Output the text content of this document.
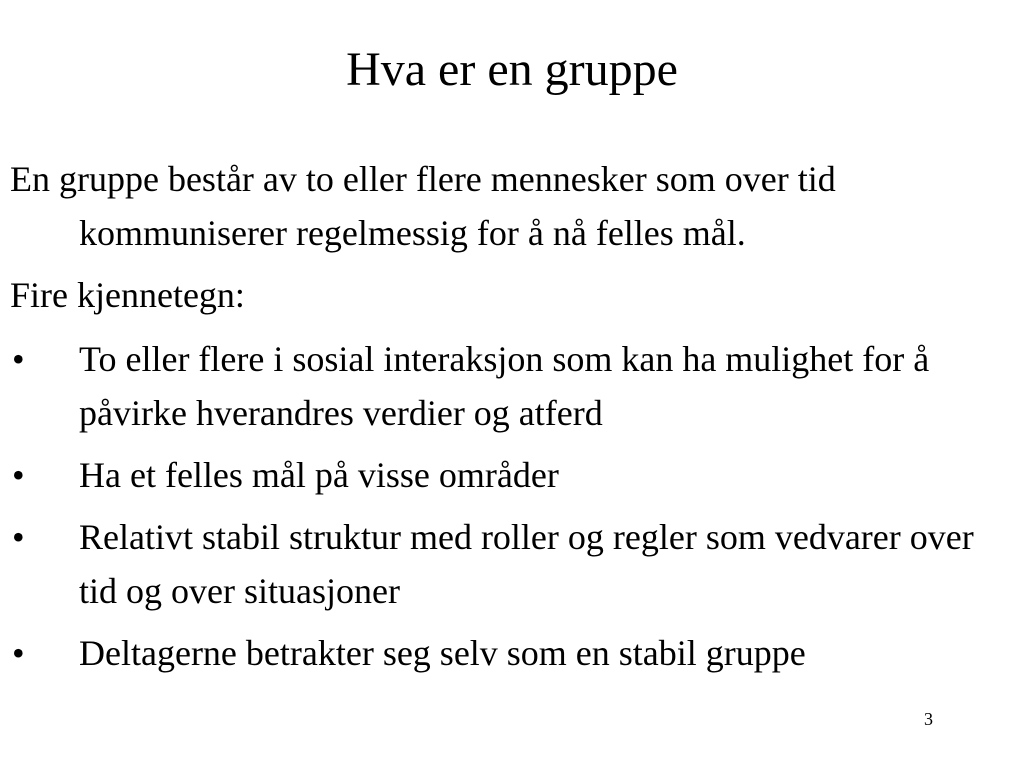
Hva er en gruppe

En gruppe består av to eller flere mennesker som over tid kommuniserer regelmessig for å nå felles mål.

Fire kjennetegn:

•	To eller flere i sosial interaksjon som kan ha mulighet for å påvirke hverandres verdier og atferd
•	Ha et felles mål på visse områder
•	Relativt stabil struktur med roller og regler som vedvarer over tid og over situasjoner
•	Deltagerne betrakter seg selv som en stabil gruppe
3
